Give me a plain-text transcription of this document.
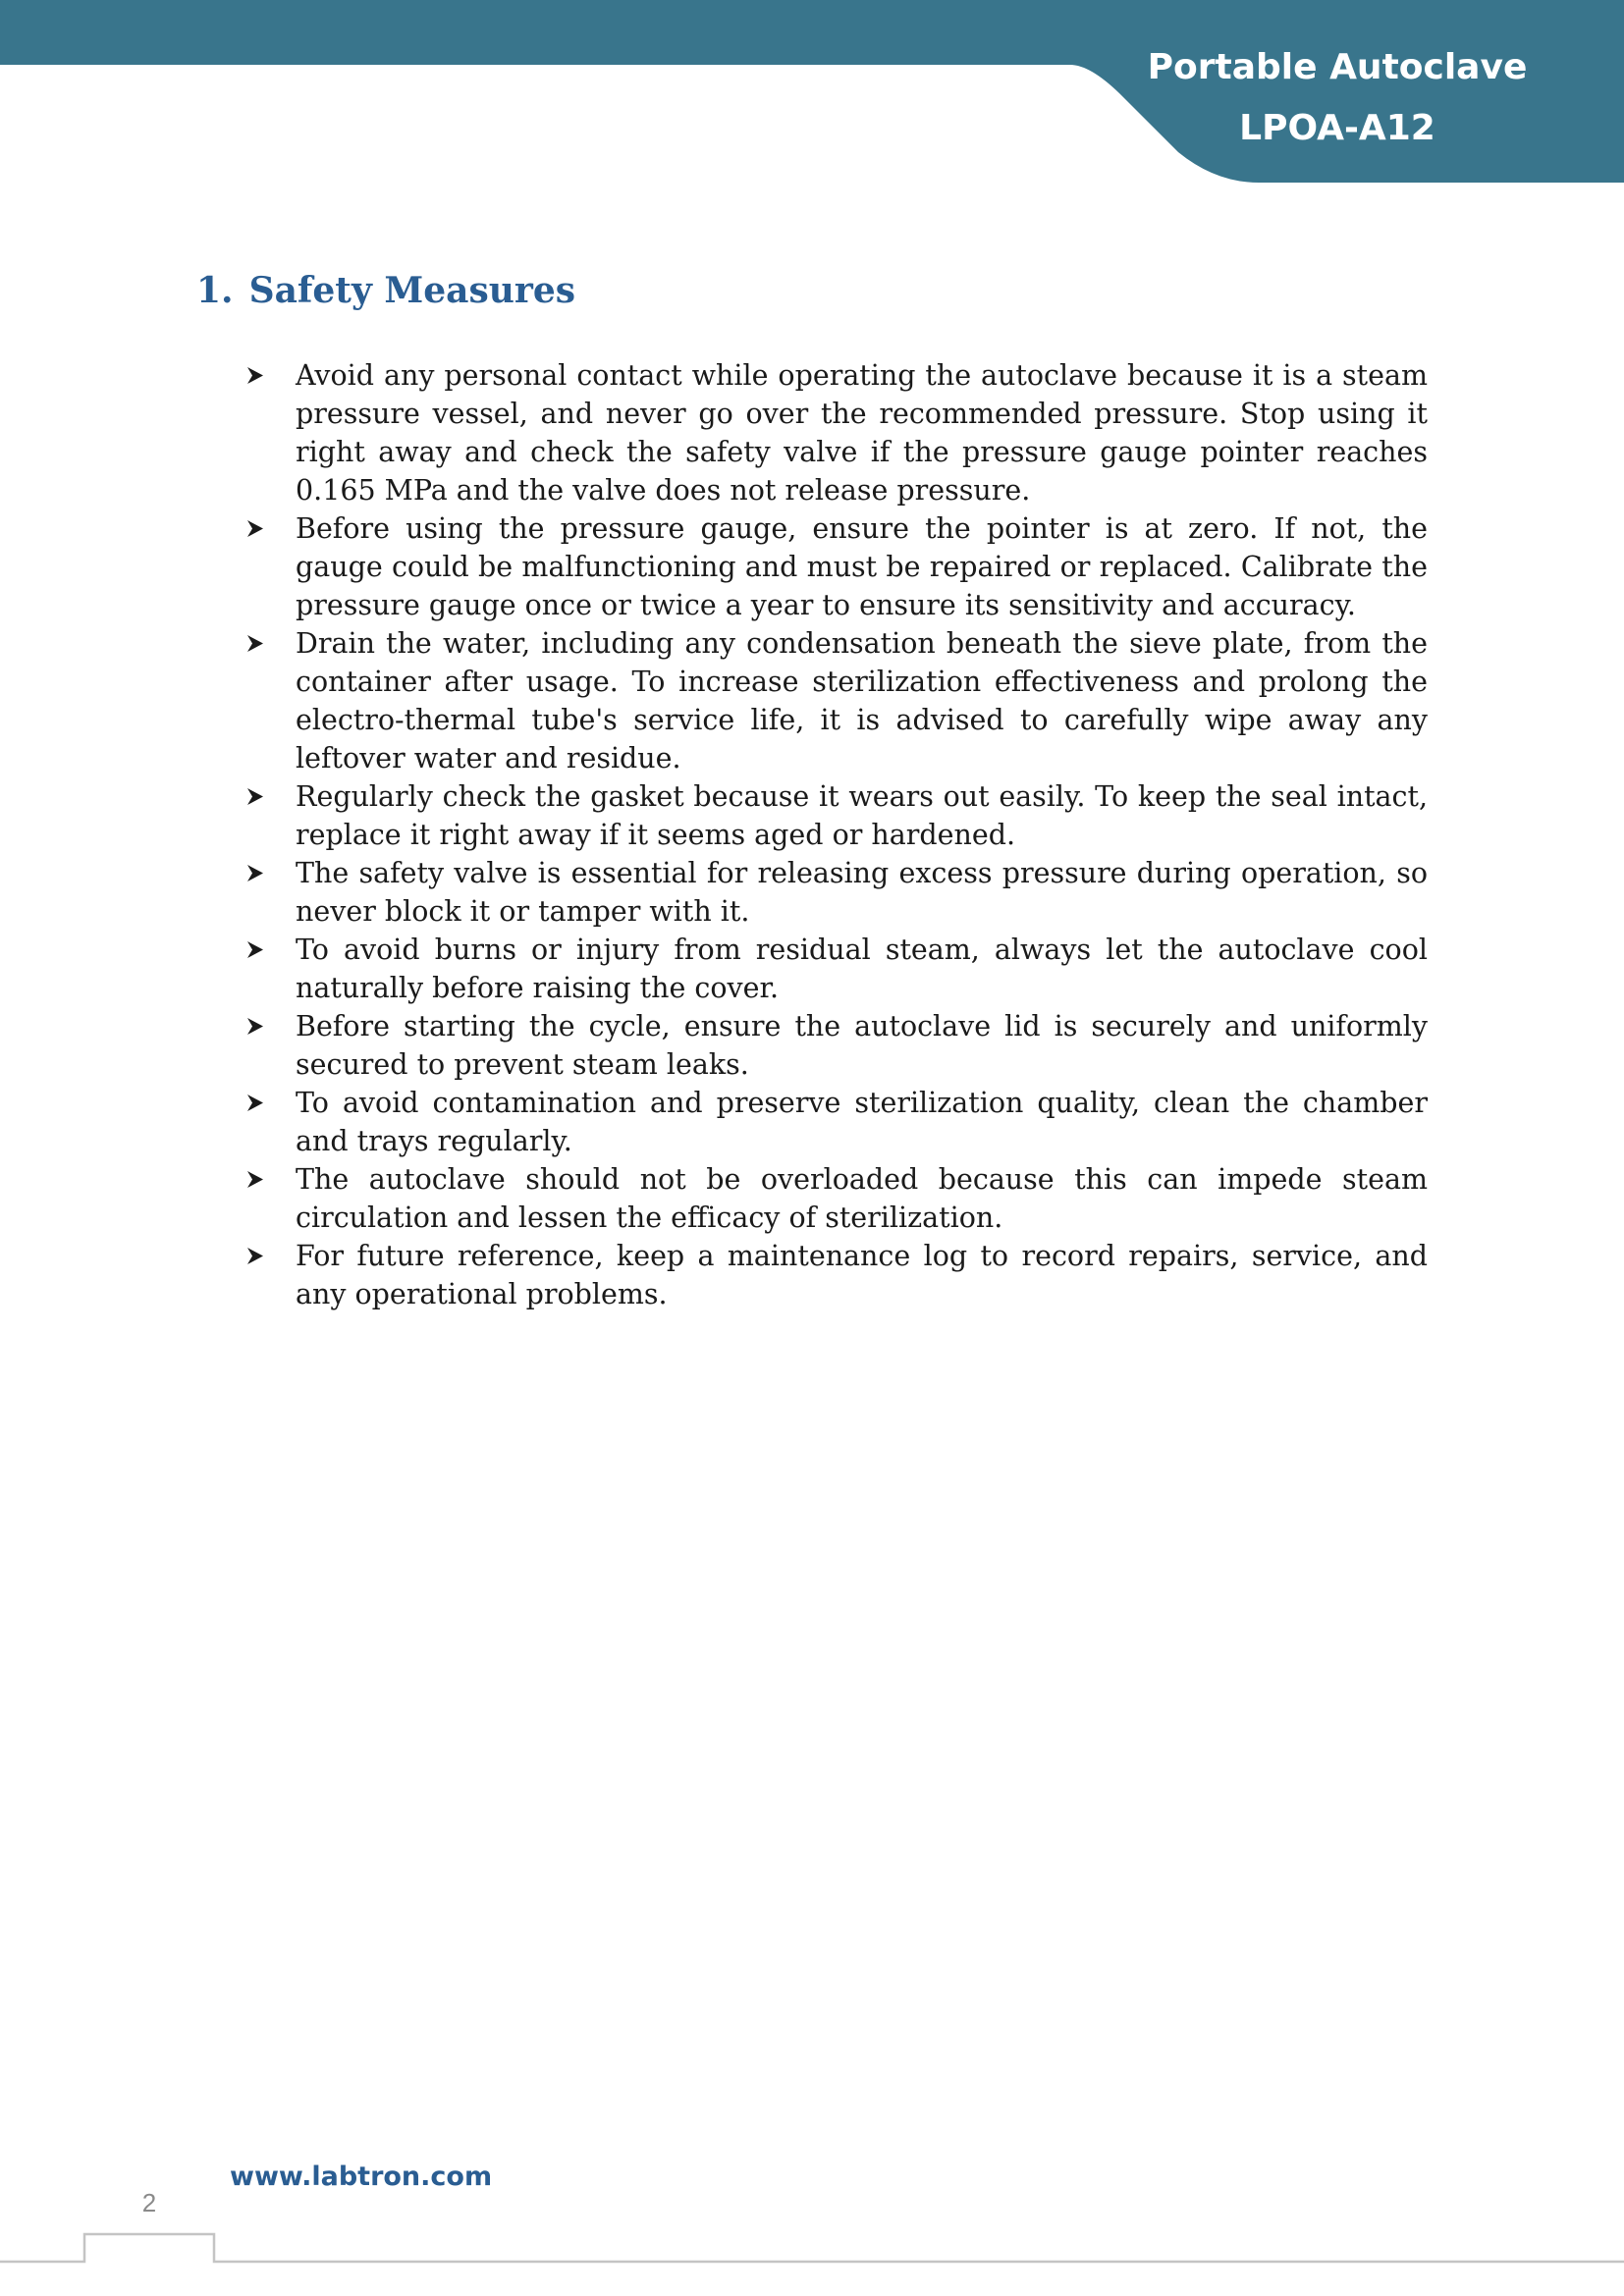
Portable Autoclave
LPOA-A12
1. Safety Measures
Avoid any personal contact while operating the autoclave because it is a steam pressure vessel, and never go over the recommended pressure. Stop using it right away and check the safety valve if the pressure gauge pointer reaches 0.165 MPa and the valve does not release pressure.
Before using the pressure gauge, ensure the pointer is at zero. If not, the gauge could be malfunctioning and must be repaired or replaced. Calibrate the pressure gauge once or twice a year to ensure its sensitivity and accuracy.
Drain the water, including any condensation beneath the sieve plate, from the container after usage. To increase sterilization effectiveness and prolong the electro-thermal tube's service life, it is advised to carefully wipe away any leftover water and residue.
Regularly check the gasket because it wears out easily. To keep the seal intact, replace it right away if it seems aged or hardened.
The safety valve is essential for releasing excess pressure during operation, so never block it or tamper with it.
To avoid burns or injury from residual steam, always let the autoclave cool naturally before raising the cover.
Before starting the cycle, ensure the autoclave lid is securely and uniformly secured to prevent steam leaks.
To avoid contamination and preserve sterilization quality, clean the chamber and trays regularly.
The autoclave should not be overloaded because this can impede steam circulation and lessen the efficacy of sterilization.
For future reference, keep a maintenance log to record repairs, service, and any operational problems.
2
www.labtron.com
